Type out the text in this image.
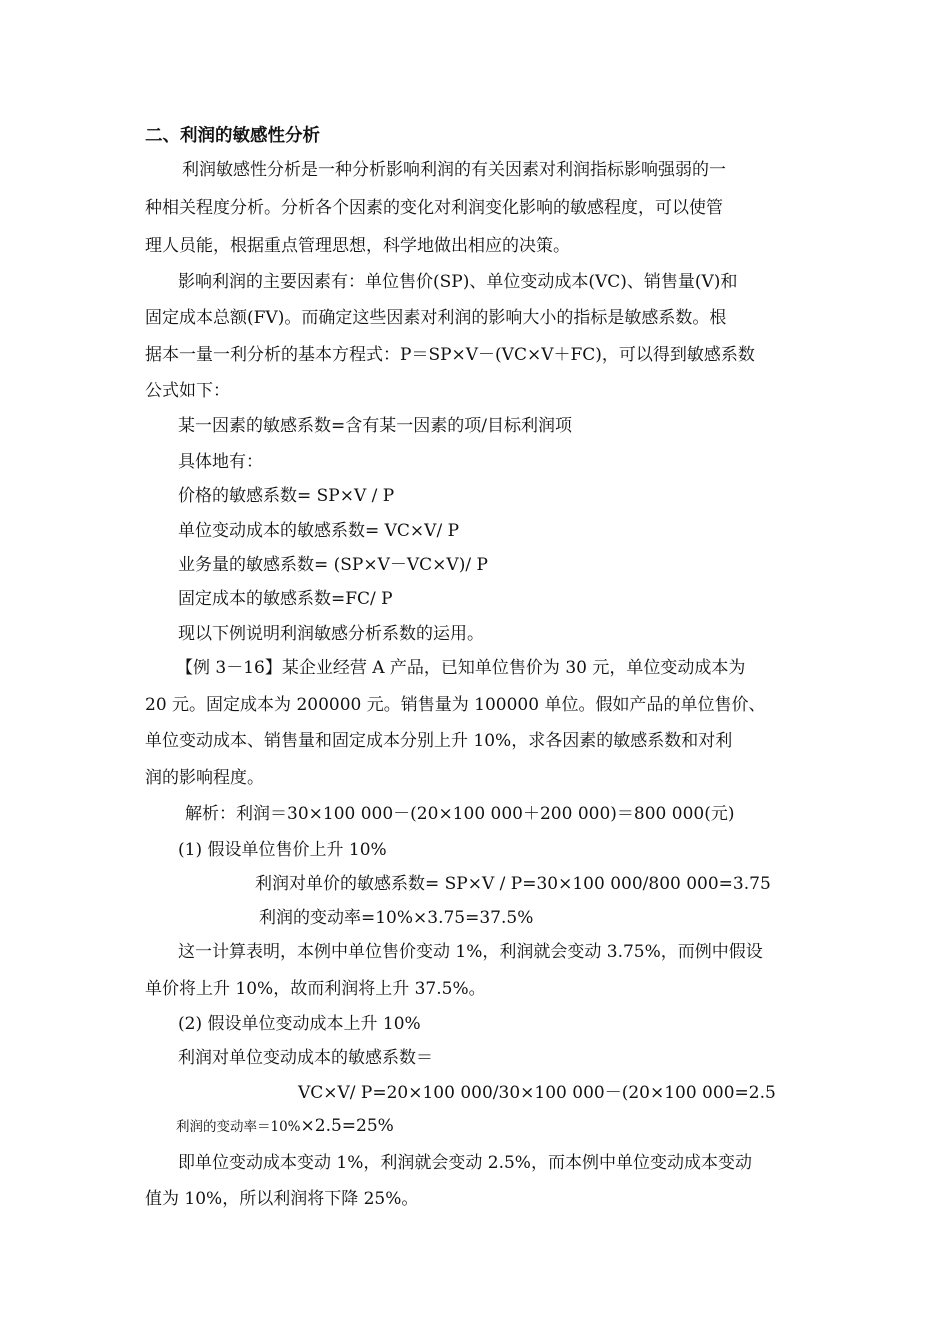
二、利润的敏感性分析

利润敏感性分析是一种分析影响利润的有关因素对利润指标影响强弱的一

种相关程度分析。分析各个因素的变化对利润变化影响的敏感程度，可以使管

理人员能，根据重点管理思想，科学地做出相应的决策。

影响利润的主要因素有：单位售价(SP)、单位变动成本(VC)、销售量(V)和

固定成本总额(FV)。而确定这些因素对利润的影响大小的指标是敏感系数。根

据本一量一利分析的基本方程式：P＝SP×V－(VC×V＋FC)，可以得到敏感系数

公式如下：

某一因素的敏感系数=含有某一因素的项/目标利润项

具体地有：

价格的敏感系数= SP×V / P

单位变动成本的敏感系数= VC×V/ P

业务量的敏感系数= (SP×V－VC×V)/ P

固定成本的敏感系数=FC/ P

现以下例说明利润敏感分析系数的运用。

【例 3－16】某企业经营 A 产品，已知单位售价为 30 元，单位变动成本为

20 元。固定成本为 200000 元。销售量为 100000 单位。假如产品的单位售价、

单位变动成本、销售量和固定成本分别上升 10%，求各因素的敏感系数和对利

润的影响程度。

解析：利润＝30×100 000－(20×100 000＋200 000)＝800 000(元)

(1) 假设单位售价上升 10%

利润对单价的敏感系数= SP×V / P=30×100 000/800 000=3.75

利润的变动率=10%×3.75=37.5%

这一计算表明，本例中单位售价变动 1%，利润就会变动 3.75%，而例中假设

单价将上升 10%，故而利润将上升 37.5%。

(2) 假设单位变动成本上升 10%

利润对单位变动成本的敏感系数＝

VC×V/ P=20×100 000/30×100 000－(20×100 000=2.5

利润的变动率＝10%×2.5=25%

即单位变动成本变动 1%，利润就会变动 2.5%，而本例中单位变动成本变动

值为 10%，所以利润将下降 25%。
